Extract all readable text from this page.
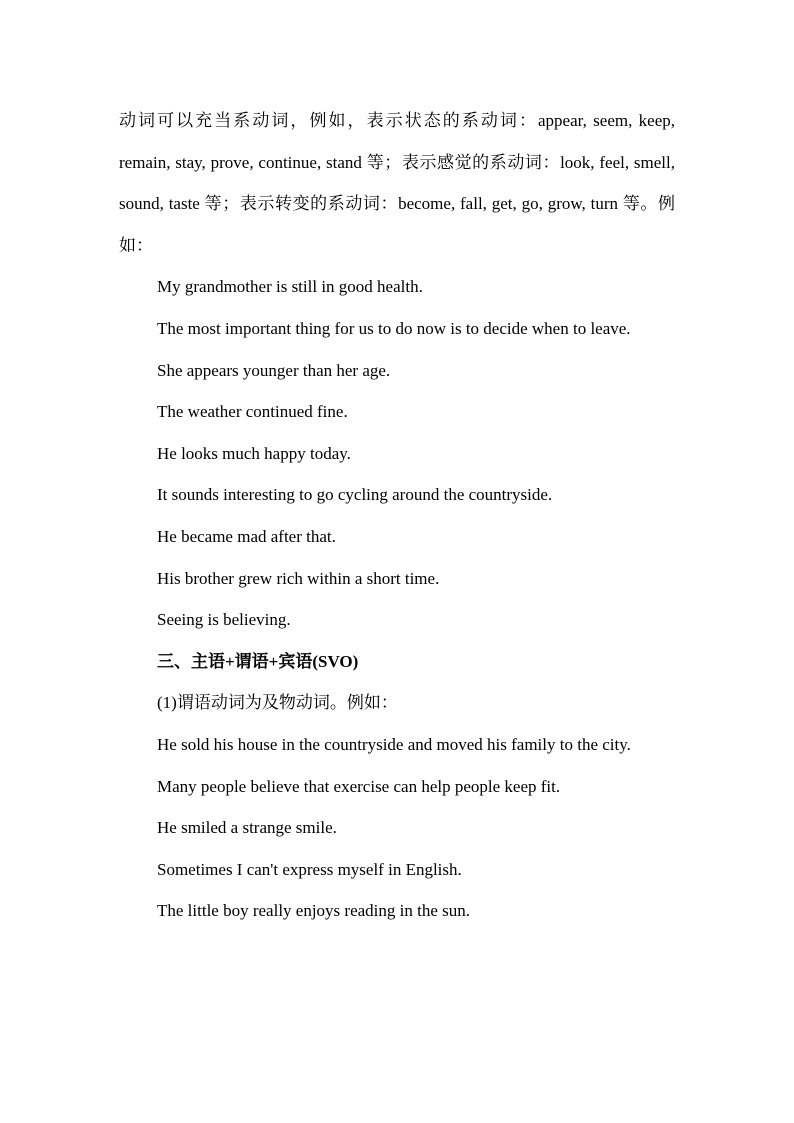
动词可以充当系动词，例如，表示状态的系动词：appear, seem, keep, remain, stay, prove, continue, stand 等；表示感觉的系动词：look, feel, smell, sound, taste 等；表示转变的系动词：become, fall, get, go, grow, turn 等。例如：

My grandmother is still in good health.

The most important thing for us to do now is to decide when to leave.

She appears younger than her age.

The weather continued fine.

He looks much happy today.

It sounds interesting to go cycling around the countryside.

He became mad after that.

His brother grew rich within a short time.

Seeing is believing.

三、主语+谓语+宾语(SVO)

(1)谓语动词为及物动词。例如：

He sold his house in the countryside and moved his family to the city.

Many people believe that exercise can help people keep fit.

He smiled a strange smile.

Sometimes I can't express myself in English.

The little boy really enjoys reading in the sun.
